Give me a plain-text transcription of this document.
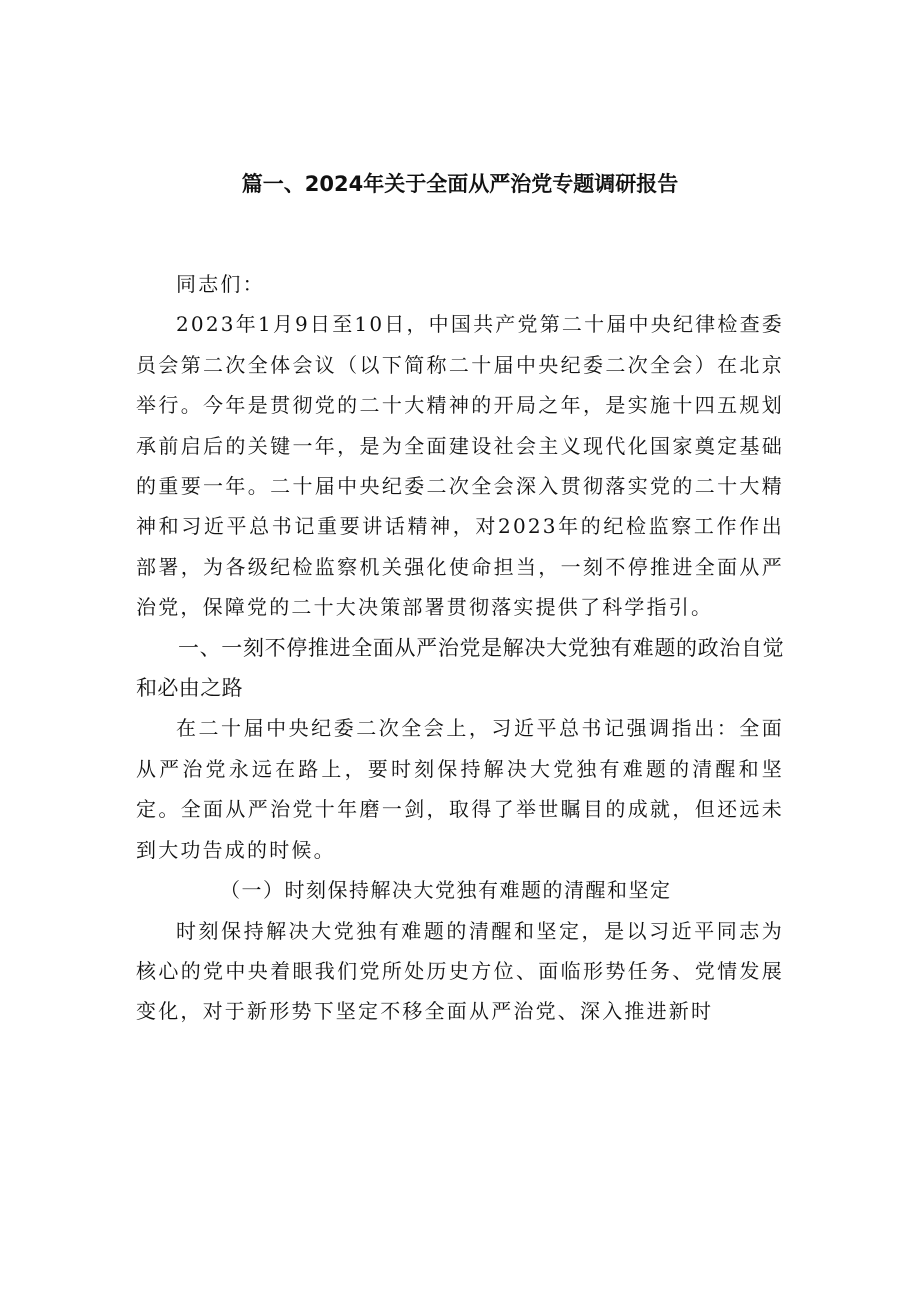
篇一、2024年关于全面从严治党专题调研报告

同志们：

2023年1月9日至10日，中国共产党第二十届中央纪律检查委员会第二次全体会议（以下简称二十届中央纪委二次全会）在北京举行。今年是贯彻党的二十大精神的开局之年，是实施十四五规划承前启后的关键一年，是为全面建设社会主义现代化国家奠定基础的重要一年。二十届中央纪委二次全会深入贯彻落实党的二十大精神和习近平总书记重要讲话精神，对2023年的纪检监察工作作出部署，为各级纪检监察机关强化使命担当，一刻不停推进全面从严治党，保障党的二十大决策部署贯彻落实提供了科学指引。

一、一刻不停推进全面从严治党是解决大党独有难题的政治自觉和必由之路

在二十届中央纪委二次全会上，习近平总书记强调指出：全面从严治党永远在路上，要时刻保持解决大党独有难题的清醒和坚定。全面从严治党十年磨一剑，取得了举世瞩目的成就，但还远未到大功告成的时候。

（一）时刻保持解决大党独有难题的清醒和坚定

时刻保持解决大党独有难题的清醒和坚定，是以习近平同志为核心的党中央着眼我们党所处历史方位、面临形势任务、党情发展变化，对于新形势下坚定不移全面从严治党、深入推进新时
